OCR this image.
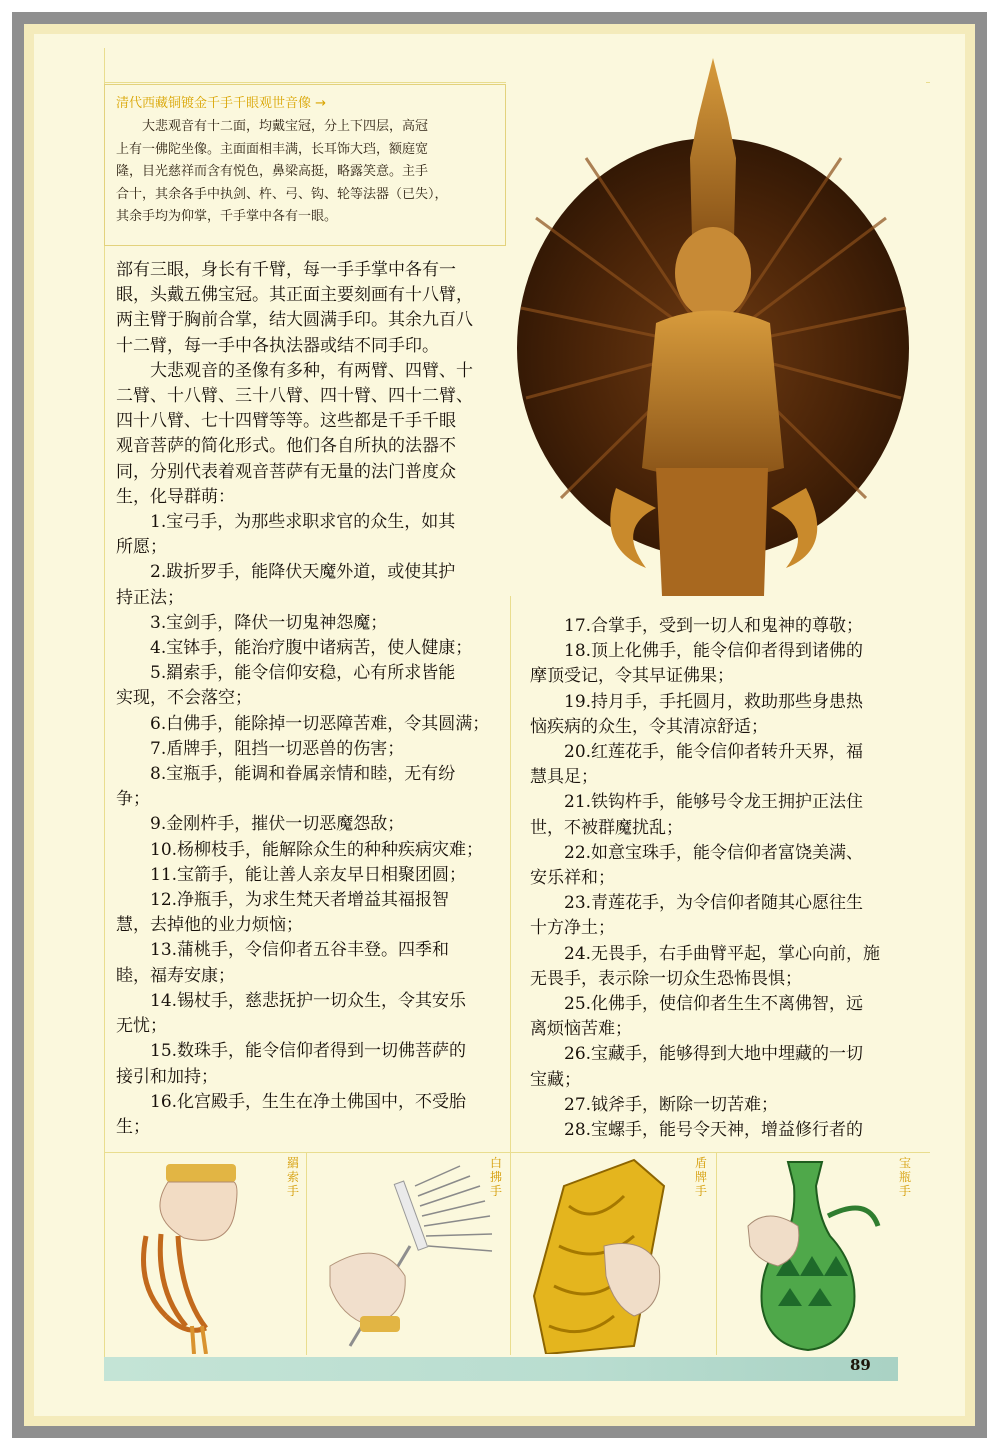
清代西藏铜镀金千手千眼观世音像 →

大悲观音有十二面，均戴宝冠，分上下四层，高冠

上有一佛陀坐像。主面面相丰满，长耳饰大珰，额庭宽

隆，目光慈祥而含有悦色，鼻梁高挺，略露笑意。主手

合十，其余各手中执剑、杵、弓、钩、轮等法器（已失），

其余手均为仰掌，千手掌中各有一眼。

部有三眼，身长有千臂，每一手手掌中各有一

眼，头戴五佛宝冠。其正面主要刻画有十八臂，

两主臂于胸前合掌，结大圆满手印。其余九百八

十二臂，每一手中各执法器或结不同手印。

大悲观音的圣像有多种，有两臂、四臂、十

二臂、十八臂、三十八臂、四十臂、四十二臂、

四十八臂、七十四臂等等。这些都是千手千眼

观音菩萨的简化形式。他们各自所执的法器不

同，分别代表着观音菩萨有无量的法门普度众

生，化导群萌：

1.宝弓手，为那些求职求官的众生，如其

所愿；

2.跋折罗手，能降伏天魔外道，或使其护

持正法；

3.宝剑手，降伏一切鬼神怨魔；

4.宝钵手，能治疗腹中诸病苦，使人健康；

5.羂索手，能令信仰安稳，心有所求皆能

实现，不会落空；

6.白佛手，能除掉一切恶障苦难，令其圆满；

7.盾牌手，阻挡一切恶兽的伤害；

8.宝瓶手，能调和眷属亲情和睦，无有纷

争；

9.金刚杵手，摧伏一切恶魔怨敌；

10.杨柳枝手，能解除众生的种种疾病灾难；

11.宝箭手，能让善人亲友早日相聚团圆；

12.净瓶手，为求生梵天者增益其福报智

慧，去掉他的业力烦恼；

13.蒲桃手，令信仰者五谷丰登。四季和

睦，福寿安康；

14.锡杖手，慈悲抚护一切众生，令其安乐

无忧；

15.数珠手，能令信仰者得到一切佛菩萨的

接引和加持；

16.化宫殿手，生生在净土佛国中，不受胎

生；

17.合掌手，受到一切人和鬼神的尊敬；

18.顶上化佛手，能令信仰者得到诸佛的

摩顶受记，令其早证佛果；

19.持月手，手托圆月，救助那些身患热

恼疾病的众生，令其清凉舒适；

20.红莲花手，能令信仰者转升天界，福

慧具足；

21.铁钩杵手，能够号令龙王拥护正法住

世，不被群魔扰乱；

22.如意宝珠手，能令信仰者富饶美满、

安乐祥和；

23.青莲花手，为令信仰者随其心愿往生

十方净土；

24.无畏手，右手曲臂平起，掌心向前，施

无畏手，表示除一切众生恐怖畏惧；

25.化佛手，使信仰者生生不离佛智，远

离烦恼苦难；

26.宝藏手，能够得到大地中埋藏的一切

宝藏；

27.钺斧手，断除一切苦难；

28.宝螺手，能号令天神，增益修行者的

羂索手
白拂手
盾牌手
宝瓶手
89
